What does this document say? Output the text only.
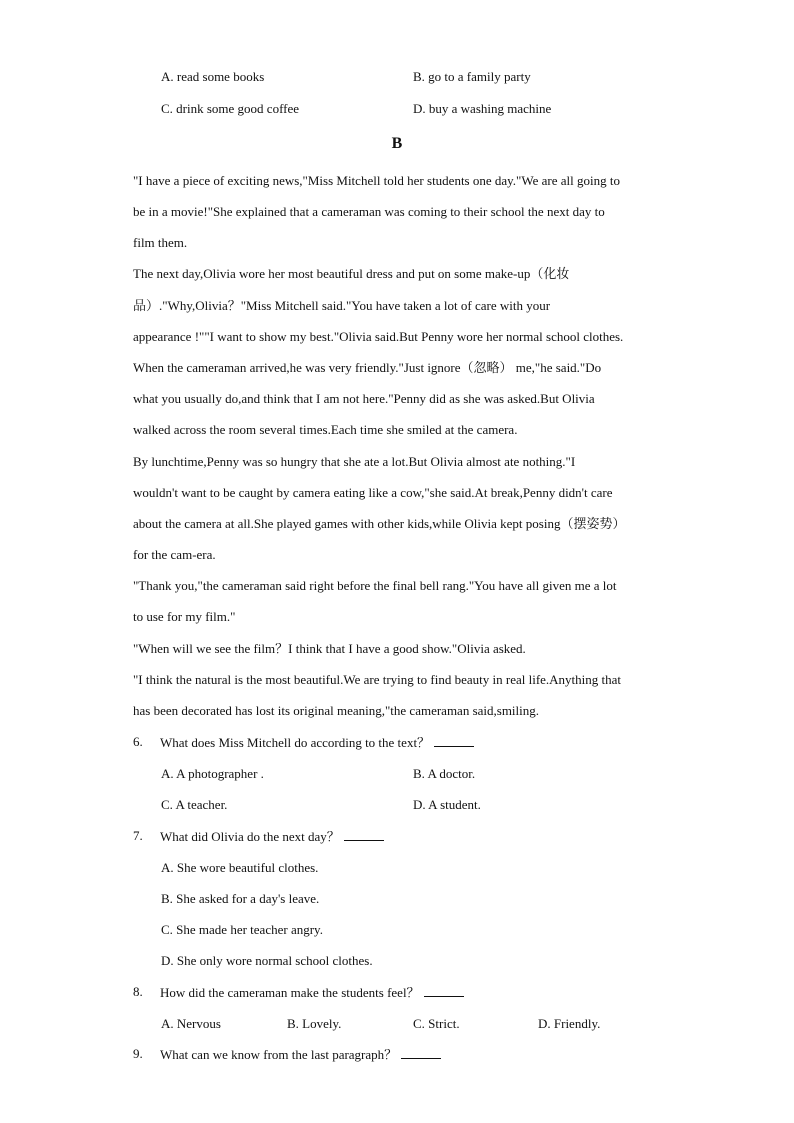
A. read some books	B. go to a family party
C. drink some good coffee	D. buy a washing machine
B
"I have a piece of exciting news,"Miss Mitchell told her students one day."We are all going to
be in a movie!"She explained that a cameraman was coming to their school the next day to
film them.
The next day,Olivia wore her most beautiful dress and put on some make-up（化妆
品）."Why,Olivia？"Miss Mitchell said."You have taken a lot of care with your
appearance !""I want to show my best."Olivia said.But Penny wore her normal school clothes.
When the cameraman arrived,he was very friendly."Just ignore（忽略） me,"he said."Do
what you usually do,and think that I am not here."Penny did as she was asked.But Olivia
walked across the room several times.Each time she smiled at the camera.
By lunchtime,Penny was so hungry that she ate a lot.But Olivia almost ate nothing."I
wouldn't want to be caught by camera eating like a cow,"she said.At break,Penny didn't care
about the camera at all.She played games with other kids,while Olivia kept posing（摆姿势）
for the cam-era.
"Thank you,"the cameraman said right before the final bell rang."You have all given me a lot
to use for my film."
"When will we see the film？I think that I have a good show."Olivia asked.
"I think the natural is the most beautiful.We are trying to find beauty in real life.Anything that
has been decorated has lost its original meaning,"the cameraman said,smiling.
6. What does Miss Mitchell do according to the text？
A. A photographer .	B. A doctor.
C. A teacher.	D. A student.
7. What did Olivia do the next day？
A. She wore beautiful clothes.
B. She asked for a day's leave.
C. She made her teacher angry.
D. She only wore normal school clothes.
8. How did the cameraman make the students feel？
A. Nervous	B. Lovely.	C. Strict.	D. Friendly.
9. What can we know from the last paragraph？
